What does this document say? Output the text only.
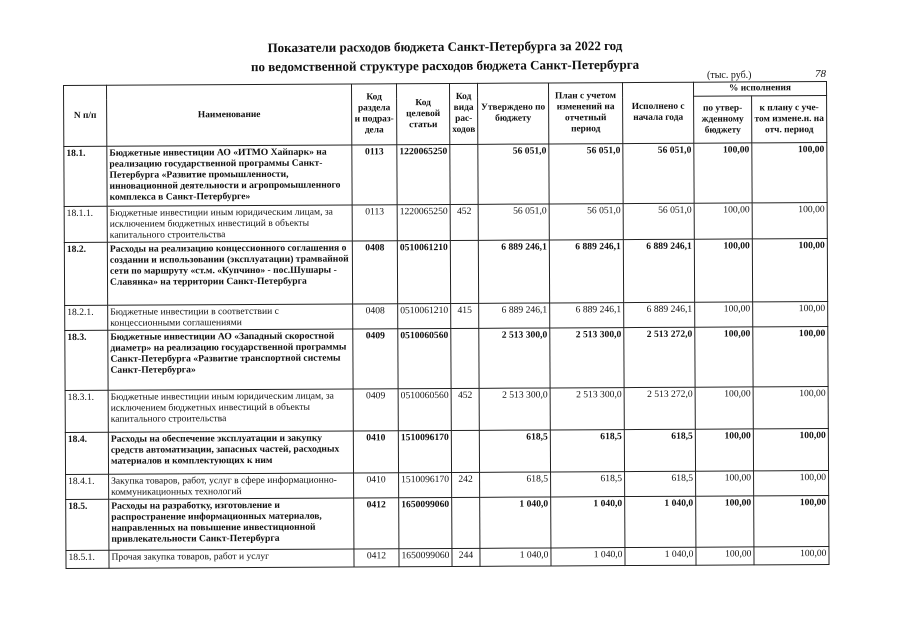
Показатели расходов бюджета Санкт-Петербурга за 2022 год
по ведомственной структуре расходов бюджета Санкт-Петербурга
(тыс. руб.)	78
N п/п	Наименование	Код раздела и подраз-дела	Код целевой статьи	Код вида рас-ходов	Утверждено по бюджету	План с учетом изменений на отчетный период	Исполнено с начала года	% исполнения	
								по утвер-жденному бюджету	к плану с уче-том измене.н. на отч. период
18.1.	Бюджетные инвестиции АО «ИТМО Хайпарк» на реализацию государственной программы Санкт-Петербурга «Развитие промышленности, инновационной деятельности и агропромышленного комплекса в Санкт-Петербурге»	0113	1220065250		56 051,0	56 051,0	56 051,0	100,00	100,00
18.1.1.	Бюджетные инвестиции иным юридическим лицам, за исключением бюджетных инвестиций в объекты капитального строительства	0113	1220065250	452	56 051,0	56 051,0	56 051,0	100,00	100,00
18.2.	Расходы на реализацию концессионного соглашения о создании и использовании (эксплуатации) трамвайной сети по маршруту «ст.м. «Купчино» - пос.Шушары - Славянка» на территории Санкт-Петербурга	0408	0510061210		6 889 246,1	6 889 246,1	6 889 246,1	100,00	100,00
18.2.1.	Бюджетные инвестиции в соответствии с концессионными соглашениями	0408	0510061210	415	6 889 246,1	6 889 246,1	6 889 246,1	100,00	100,00
18.3.	Бюджетные инвестиции АО «Западный скоростной диаметр» на реализацию государственной программы Санкт-Петербурга «Развитие транспортной системы Санкт-Петербурга»	0409	0510060560		2 513 300,0	2 513 300,0	2 513 272,0	100,00	100,00
18.3.1.	Бюджетные инвестиции иным юридическим лицам, за исключением бюджетных инвестиций в объекты капитального строительства	0409	0510060560	452	2 513 300,0	2 513 300,0	2 513 272,0	100,00	100,00
18.4.	Расходы на обеспечение эксплуатации и закупку средств автоматизации, запасных частей, расходных материалов и комплектующих к ним	0410	1510096170		618,5	618,5	618,5	100,00	100,00
18.4.1.	Закупка товаров, работ, услуг в сфере информационно-коммуникационных технологий	0410	1510096170	242	618,5	618,5	618,5	100,00	100,00
18.5.	Расходы на разработку, изготовление и распространение информационных материалов, направленных на повышение инвестиционной привлекательности Санкт-Петербурга	0412	1650099060		1 040,0	1 040,0	1 040,0	100,00	100,00
18.5.1.	Прочая закупка товаров, работ и услуг	0412	1650099060	244	1 040,0	1 040,0	1 040,0	100,00	100,00
